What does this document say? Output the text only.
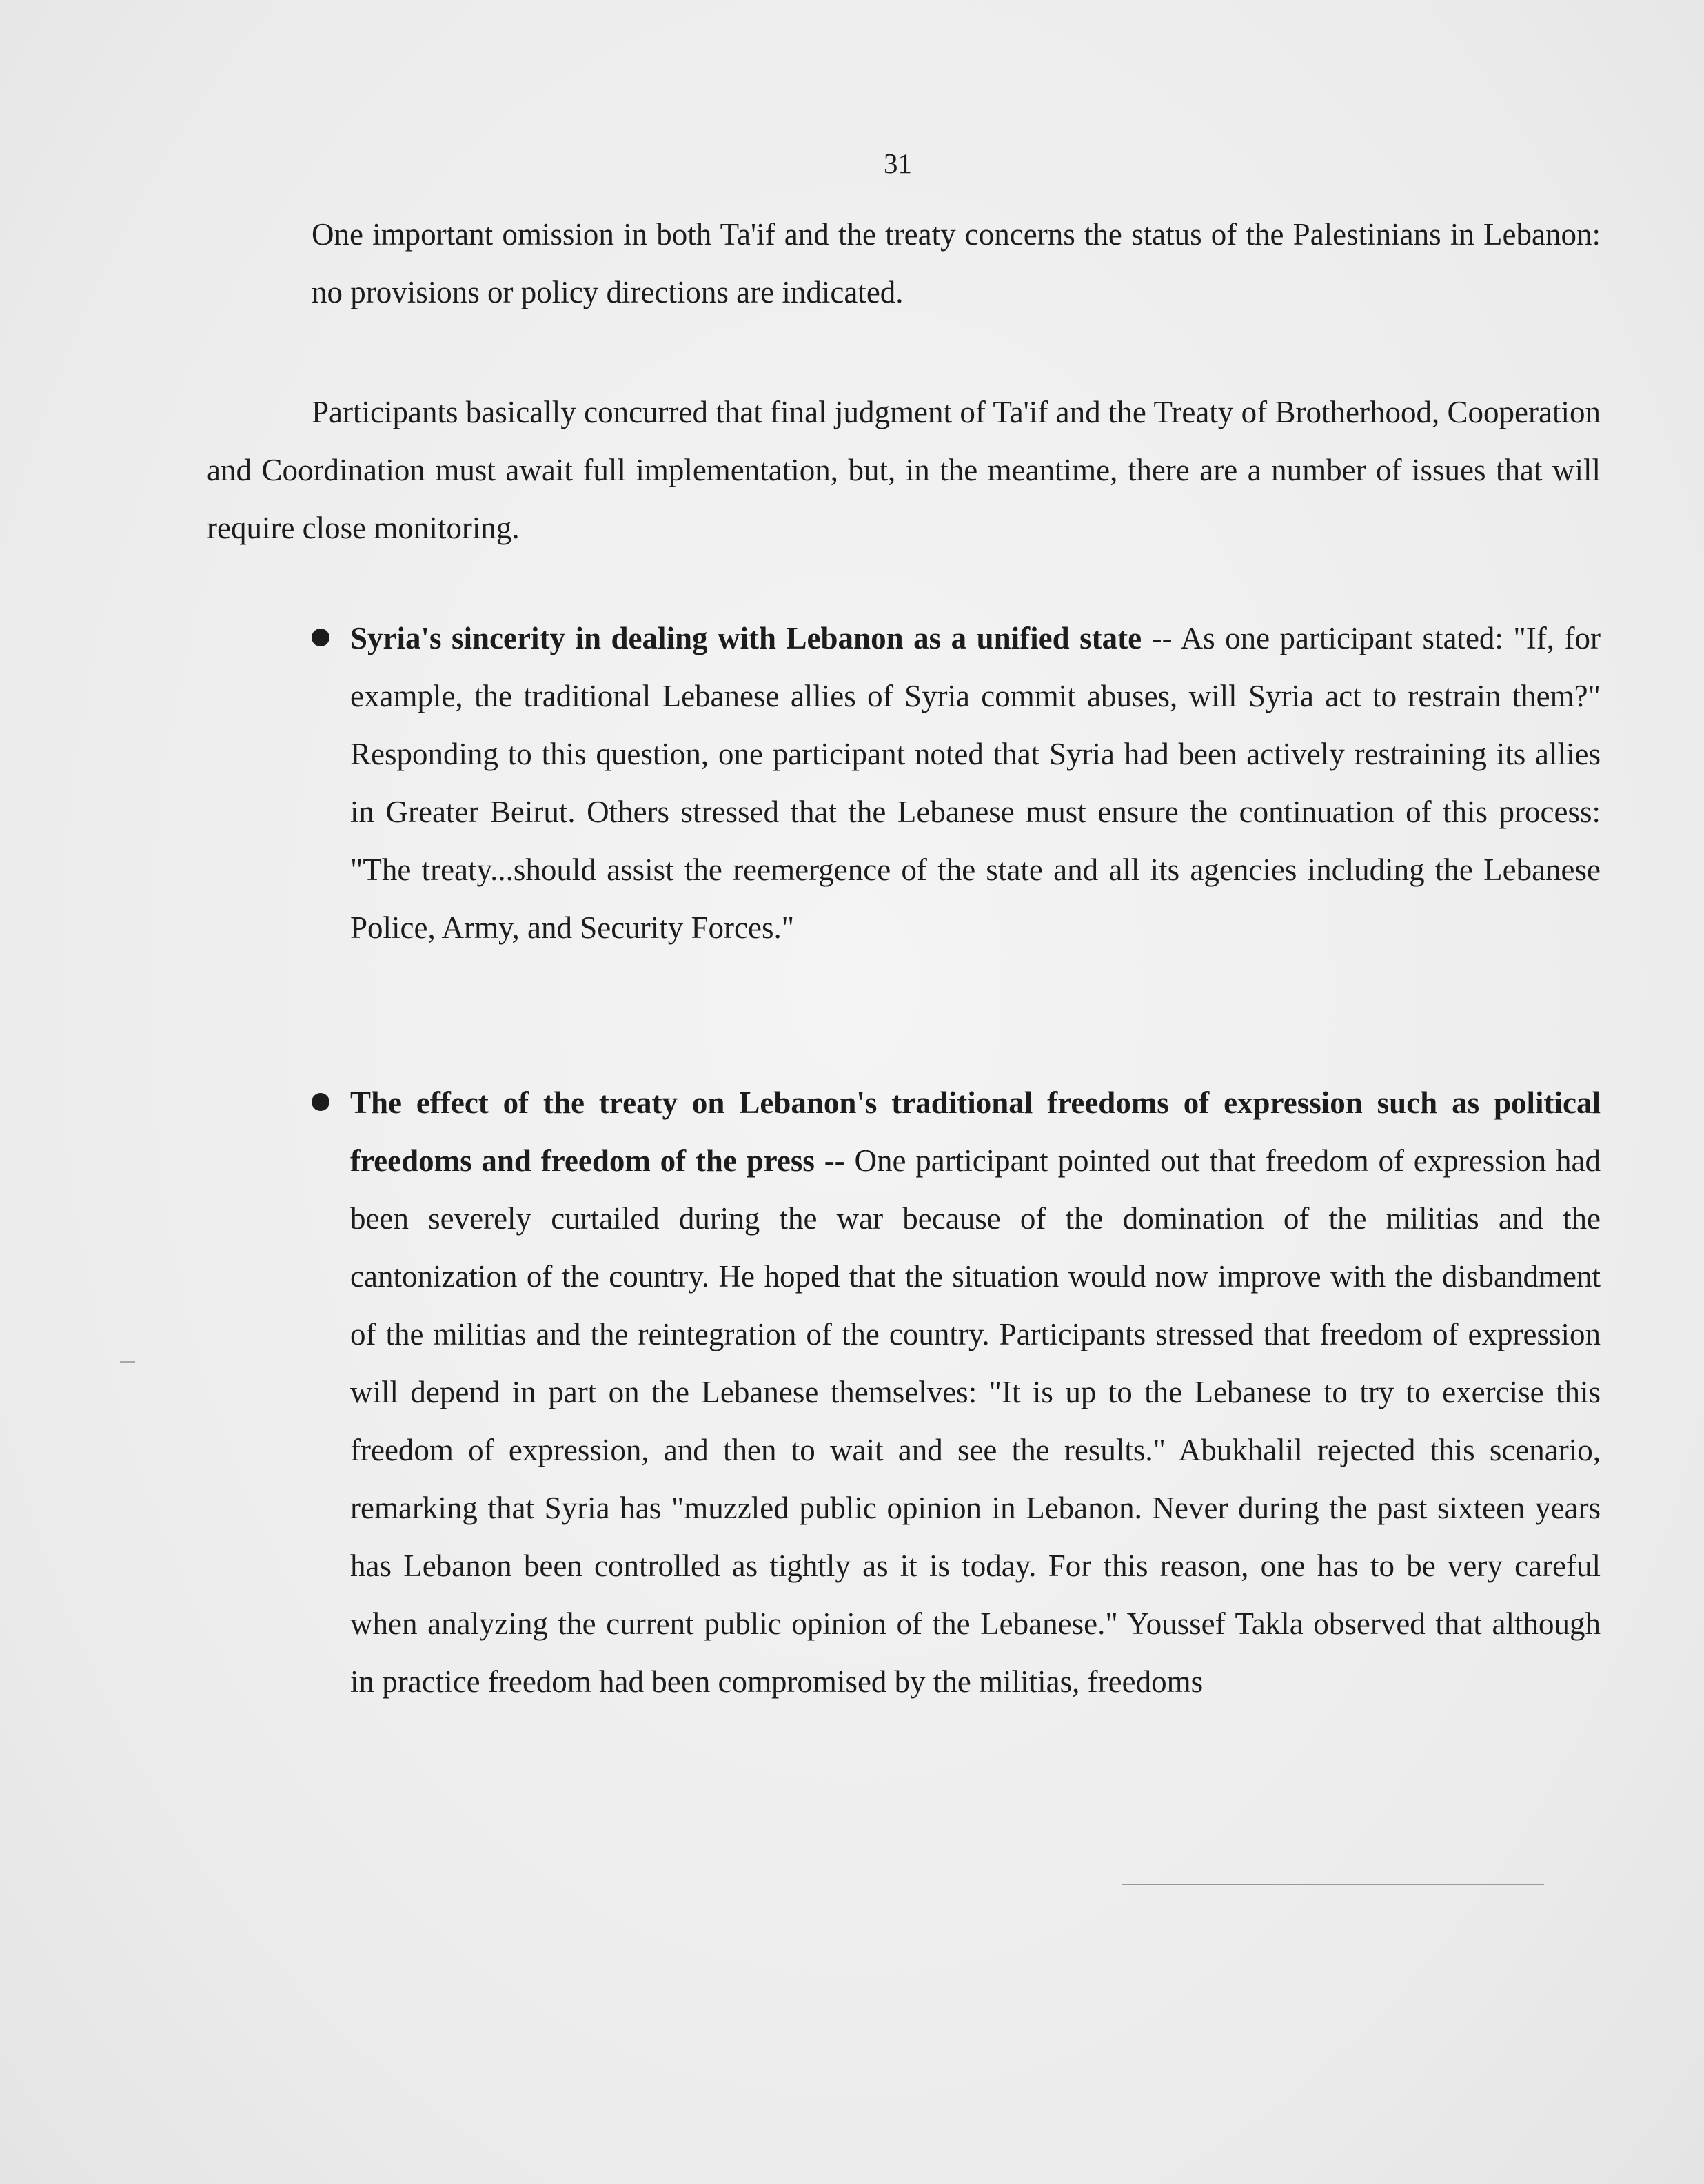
31

One important omission in both Ta'if and the treaty concerns the status of the Palestinians in Lebanon: no provisions or policy directions are indicated.

Participants basically concurred that final judgment of Ta'if and the Treaty of Brotherhood, Cooperation and Coordination must await full implementation, but, in the meantime, there are a number of issues that will require close monitoring.

Syria's sincerity in dealing with Lebanon as a unified state -- As one participant stated: "If, for example, the traditional Lebanese allies of Syria commit abuses, will Syria act to restrain them?" Responding to this question, one participant noted that Syria had been actively restraining its allies in Greater Beirut. Others stressed that the Lebanese must ensure the continuation of this process: "The treaty...should assist the reemergence of the state and all its agencies including the Lebanese Police, Army, and Security Forces."
The effect of the treaty on Lebanon's traditional freedoms of expression such as political freedoms and freedom of the press -- One participant pointed out that freedom of expression had been severely curtailed during the war because of the domination of the militias and the cantonization of the country. He hoped that the situation would now improve with the disbandment of the militias and the reintegration of the country. Participants stressed that freedom of expression will depend in part on the Lebanese themselves: "It is up to the Lebanese to try to exercise this freedom of expression, and then to wait and see the results." Abukhalil rejected this scenario, remarking that Syria has "muzzled public opinion in Lebanon. Never during the past sixteen years has Lebanon been controlled as tightly as it is today. For this reason, one has to be very careful when analyzing the current public opinion of the Lebanese." Youssef Takla observed that although in practice freedom had been compromised by the militias, freedoms
